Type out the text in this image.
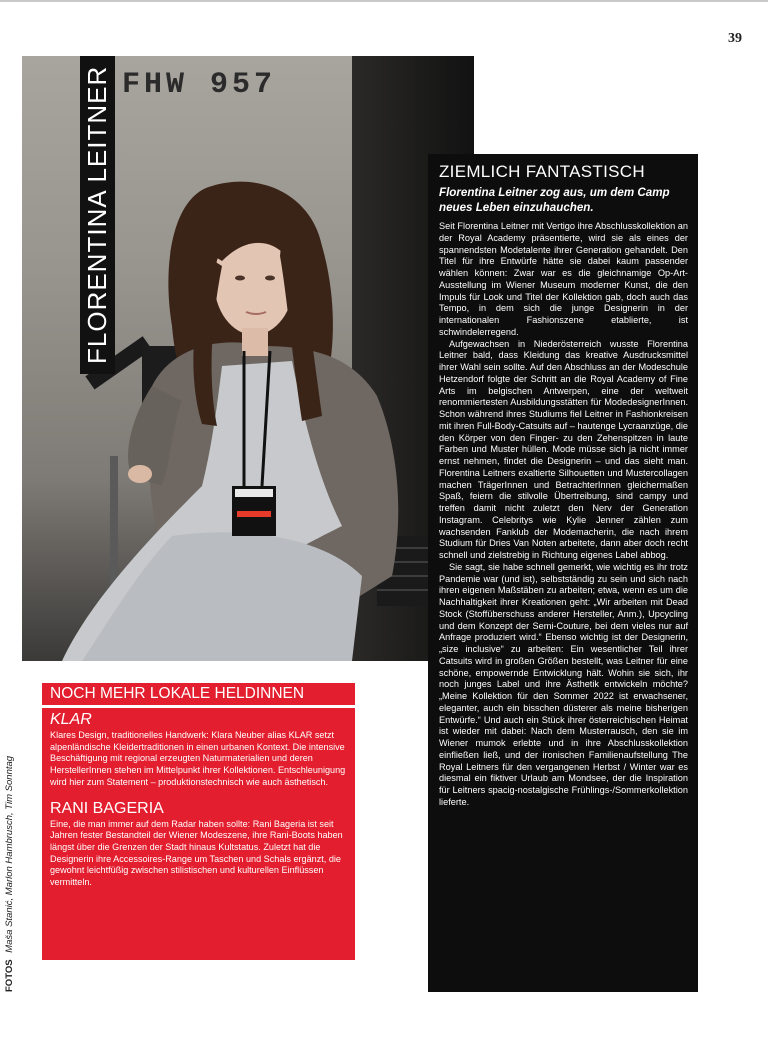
39
FHW 957
FLORENTINA LEITNER	ZIEMLICH FANTASTISCH
Florentina Leitner zog aus, um dem Camp neues Leben einzuhauchen.

Seit Florentina Leitner mit Vertigo ihre Abschlusskollektion an der Royal Academy präsentierte, wird sie als eines der spannendsten Modetalente ihrer Generation gehandelt. Den Titel für ihre Entwürfe hätte sie dabei kaum passender wählen können: Zwar war es die gleichnamige Op-Art-Ausstellung im Wiener Museum moderner Kunst, die den Impuls für Look und Titel der Kollektion gab, doch auch das Tempo, in dem sich die junge Designerin in der internationalen Fashionszene etablierte, ist schwindelerregend.

Aufgewachsen in Niederösterreich wusste Florentina Leitner bald, dass Kleidung das kreative Ausdrucksmittel ihrer Wahl sein sollte. Auf den Abschluss an der Modeschule Hetzendorf folgte der Schritt an die Royal Academy of Fine Arts im belgischen Antwerpen, eine der weltweit renommiertesten Ausbildungsstätten für ModedesignerInnen. Schon während ihres Studiums fiel Leitner in Fashionkreisen mit ihren Full-Body-Catsuits auf – hautenge Lycraanzüge, die den Körper von den Finger- zu den Zehenspitzen in laute Farben und Muster hüllen. Mode müsse sich ja nicht immer ernst nehmen, findet die Designerin – und das sieht man. Florentina Leitners exaltierte Silhouetten und Mustercollagen machen TrägerInnen und BetrachterInnen gleichermaßen Spaß, feiern die stilvolle Übertreibung, sind campy und treffen damit nicht zuletzt den Nerv der Generation Instagram. Celebritys wie Kylie Jenner zählen zum wachsenden Fanklub der Modemacherin, die nach ihrem Studium für Dries Van Noten arbeitete, dann aber doch recht schnell und zielstrebig in Richtung eigenes Label abbog.

Sie sagt, sie habe schnell gemerkt, wie wichtig es ihr trotz Pandemie war (und ist), selbstständig zu sein und sich nach ihren eigenen Maßstäben zu arbeiten; etwa, wenn es um die Nachhaltigkeit ihrer Kreationen geht: „Wir arbeiten mit Dead Stock (Stoffüberschuss anderer Hersteller, Anm.), Upcycling und dem Konzept der Semi-Couture, bei dem vieles nur auf Anfrage produziert wird.“ Ebenso wichtig ist der Designerin, „size inclusive“ zu arbeiten: Ein wesentlicher Teil ihrer Catsuits wird in großen Größen bestellt, was Leitner für eine schöne, empowernde Entwicklung hält. Wohin sie sich, ihr noch junges Label und ihre Ästhetik entwickeln möchte? „Meine Kollektion für den Sommer 2022 ist erwachsener, eleganter, auch ein bisschen düsterer als meine bisherigen Entwürfe.“ Und auch ein Stück ihrer österreichischen Heimat ist wieder mit dabei: Nach dem Musterrausch, den sie im Wiener mumok erlebte und in ihre Abschlusskollektion einfließen ließ, und der ironischen Familienaufstellung The Royal Leitners für den vergangenen Herbst / Winter war es diesmal ein fiktiver Urlaub am Mondsee, der die Inspiration für Leitners spacig-nostalgische Frühlings-/Sommerkollektion lieferte.

NOCH MEHR LOKALE HELDINNEN
KLAR

Klares Design, traditionelles Handwerk: Klara Neuber alias KLAR setzt alpenländische Kleidertraditionen in einen urbanen Kontext. Die intensive Beschäftigung mit regional erzeugten Naturmaterialien und deren HerstellerInnen stehen im Mittelpunkt ihrer Kollektionen. Entschleunigung wird hier zum Statement – produktionstechnisch wie auch ästhetisch.

RANI BAGERIA

Eine, die man immer auf dem Radar haben sollte: Rani Bageria ist seit Jahren fester Bestandteil der Wiener Modeszene, ihre Rani-Boots haben längst über die Grenzen der Stadt hinaus Kultstatus. Zuletzt hat die Designerin ihre Accessoires-Range um Taschen und Schals ergänzt, die gewohnt leichtfüßig zwischen stilistischen und kulturellen Einflüssen vermitteln.

FOTOS Maša Stanić, Marlon Hambrusch, Tim Sonntag
